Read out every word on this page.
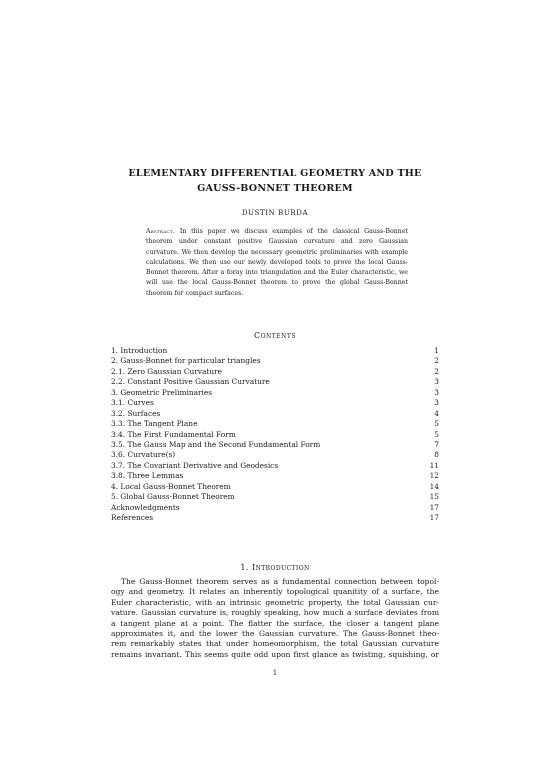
ELEMENTARY DIFFERENTIAL GEOMETRY AND THE
GAUSS-BONNET THEOREM
DUSTIN BURDA
Abstract. In this paper we discuss examples of the classical Gauss-Bonnet theorem under constant positive Gaussian curvature and zero Gaussian curvature. We then develop the necessary geometric preliminaries with example calculations. We then use our newly developed tools to prove the local Gauss-Bonnet theorem. After a foray into triangulation and the Euler characteristic, we will use the local Gauss-Bonnet theorem to prove the global Gauss-Bonnet theorem for compact surfaces.
Contents
1. Introduction	1
2. Gauss-Bonnet for particular triangles	2
2.1. Zero Gaussian Curvature	2
2.2. Constant Positive Gaussian Curvature	3
3. Geometric Preliminaries	3
3.1. Curves	3
3.2. Surfaces	4
3.3. The Tangent Plane	5
3.4. The First Fundamental Form	5
3.5. The Gauss Map and the Second Fundamental Form	7
3.6. Curvature(s)	8
3.7. The Covariant Derivative and Geodesics	11
3.8. Three Lemmas	12
4. Local Gauss-Bonnet Theorem	14
5. Global Gauss-Bonnet Theorem	15
Acknowledgments	17
References	17
1. Introduction
The Gauss-Bonnet theorem serves as a fundamental connection between topol-
ogy and geometry. It relates an inherently topological quanitity of a surface, the
Euler characteristic, with an intrinsic geometric property, the total Gaussian cur-
vature. Gaussian curvature is, roughly speaking, how much a surface deviates from
a tangent plane at a point. The flatter the surface, the closer a tangent plane
approximates it, and the lower the Gaussian curvature. The Gauss-Bonnet theo-
rem remarkably states that under homeomorphism, the total Gaussian curvature
remains invariant. This seems quite odd upon first glance as twisting, squishing, or
1
